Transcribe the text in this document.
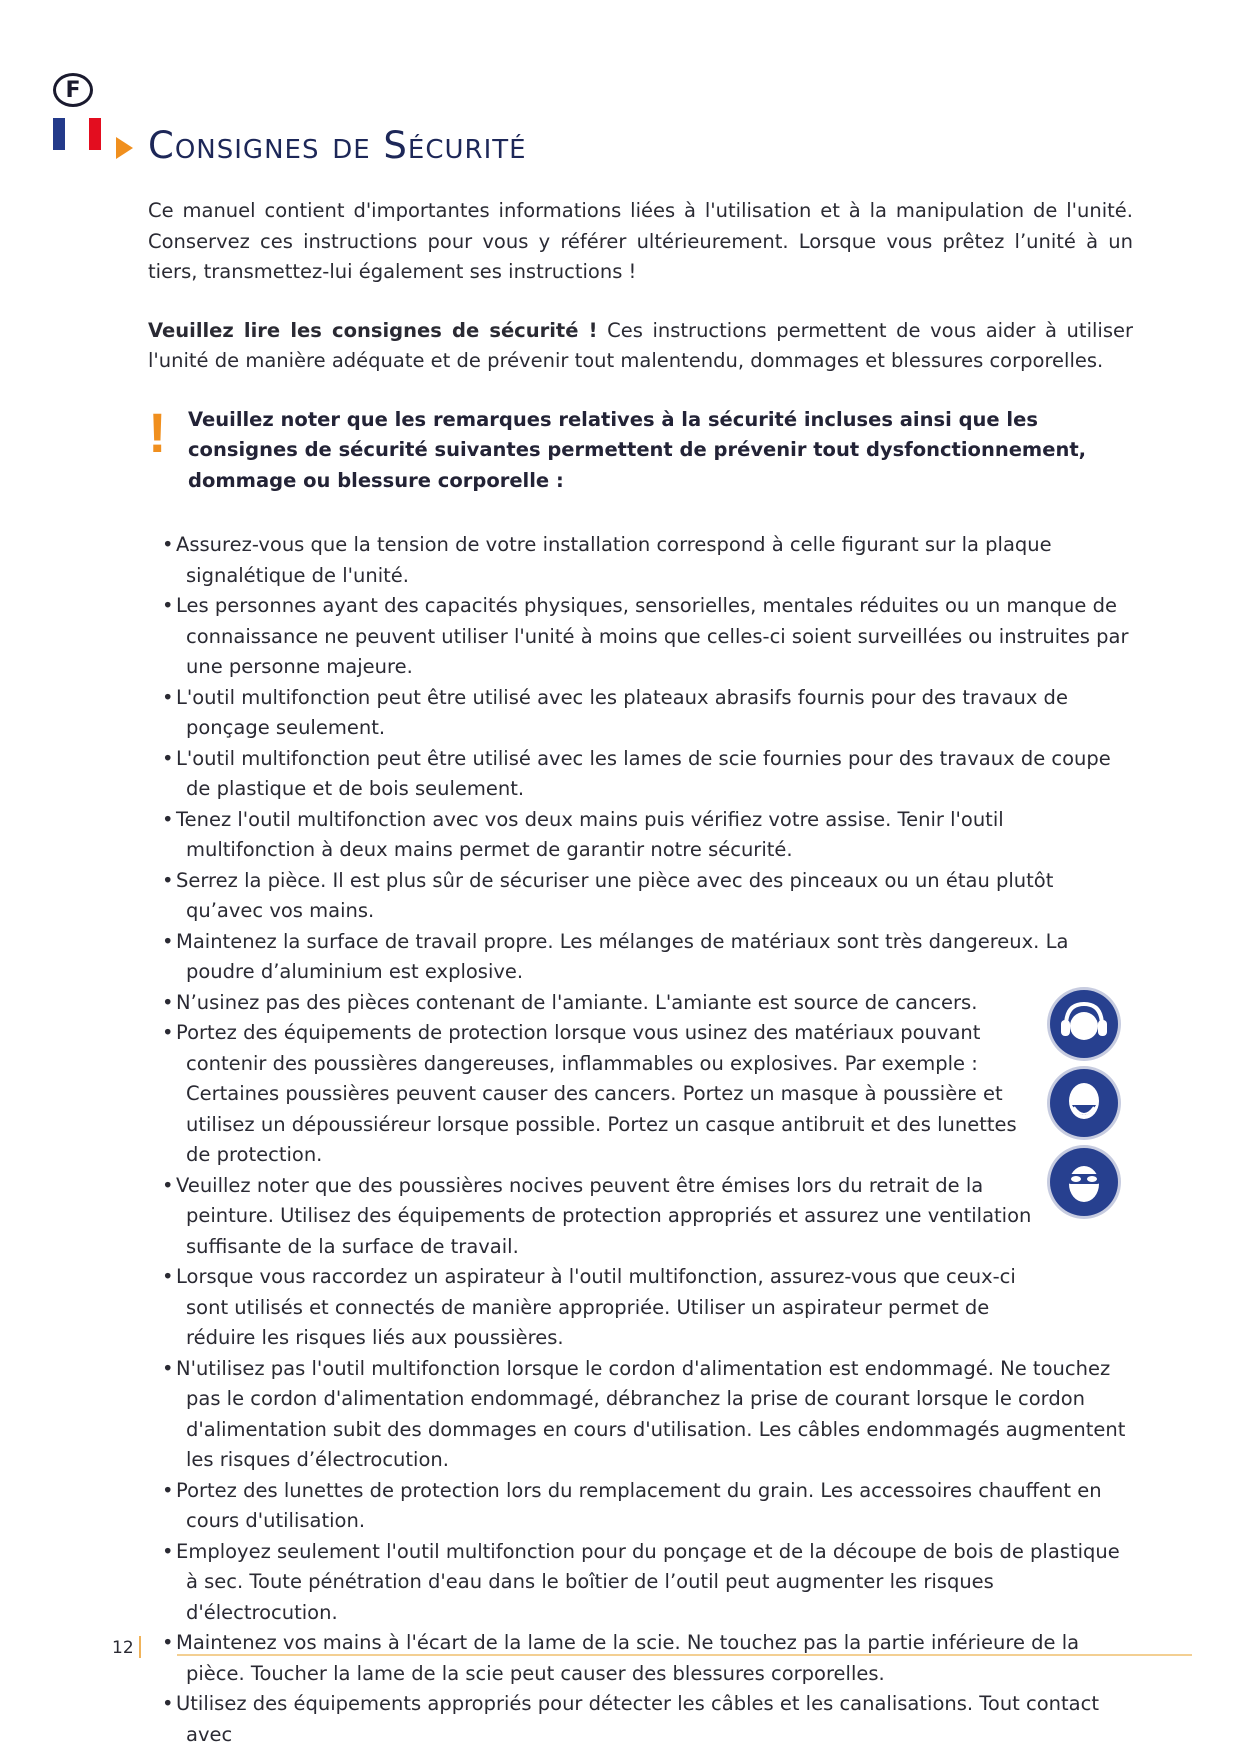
F
Consignes de Sécurité

Ce manuel contient d'importantes informations liées à l'utilisation et à la manipulation de l'unité. Conservez ces instructions pour vous y référer ultérieurement. Lorsque vous prêtez l’unité à un tiers, transmettez-lui également ses instructions !

Veuillez lire les consignes de sécurité ! Ces instructions permettent de vous aider à utiliser l'unité de manière adéquate et de prévenir tout malentendu, dommages et blessures corporelles.

! Veuillez noter que les remarques relatives à la sécurité incluses ainsi que les consignes de sécurité suivantes permettent de prévenir tout dysfonctionnement, dommage ou blessure corporelle :
• Assurez-vous que la tension de votre installation correspond à celle figurant sur la plaque signalétique de l'unité.
• Les personnes ayant des capacités physiques, sensorielles, mentales réduites ou un manque de connaissance ne peuvent utiliser l'unité à moins que celles-ci soient surveillées ou instruites par une personne majeure.
• L'outil multifonction peut être utilisé avec les plateaux abrasifs fournis pour des travaux de ponçage seulement.
• L'outil multifonction peut être utilisé avec les lames de scie fournies pour des travaux de coupe de plastique et de bois seulement.
• Tenez l'outil multifonction avec vos deux mains puis vérifiez votre assise. Tenir l'outil multifonction à deux mains permet de garantir notre sécurité.
• Serrez la pièce. Il est plus sûr de sécuriser une pièce avec des pinceaux ou un étau plutôt qu’avec vos mains.
• Maintenez la surface de travail propre. Les mélanges de matériaux sont très dangereux. La poudre d’aluminium est explosive.
• N’usinez pas des pièces contenant de l'amiante. L'amiante est source de cancers.
• Portez des équipements de protection lorsque vous usinez des matériaux pouvant contenir des poussières dangereuses, inflammables ou explosives. Par exemple : Certaines poussières peuvent causer des cancers. Portez un masque à poussière et utilisez un dépoussiéreur lorsque possible. Portez un casque antibruit et des lunettes de protection.
• Veuillez noter que des poussières nocives peuvent être émises lors du retrait de la peinture. Utilisez des équipements de protection appropriés et assurez une ventilation suffisante de la surface de travail.
• Lorsque vous raccordez un aspirateur à l'outil multifonction, assurez-vous que ceux-ci sont utilisés et connectés de manière appropriée. Utiliser un aspirateur permet de réduire les risques liés aux poussières.
• N'utilisez pas l'outil multifonction lorsque le cordon d'alimentation est endommagé. Ne touchez pas le cordon d'alimentation endommagé, débranchez la prise de courant lorsque le cordon d'alimentation subit des dommages en cours d'utilisation. Les câbles endommagés augmentent les risques d’électrocution.
• Portez des lunettes de protection lors du remplacement du grain. Les accessoires chauffent en cours d'utilisation.
• Employez seulement l'outil multifonction pour du ponçage et de la découpe de bois de plastique à sec. Toute pénétration d'eau dans le boîtier de l’outil peut augmenter les risques d'électrocution.
• Maintenez vos mains à l'écart de la lame de la scie. Ne touchez pas la partie inférieure de la pièce. Toucher la lame de la scie peut causer des blessures corporelles.
• Utilisez des équipements appropriés pour détecter les câbles et les canalisations. Tout contact avec
12
